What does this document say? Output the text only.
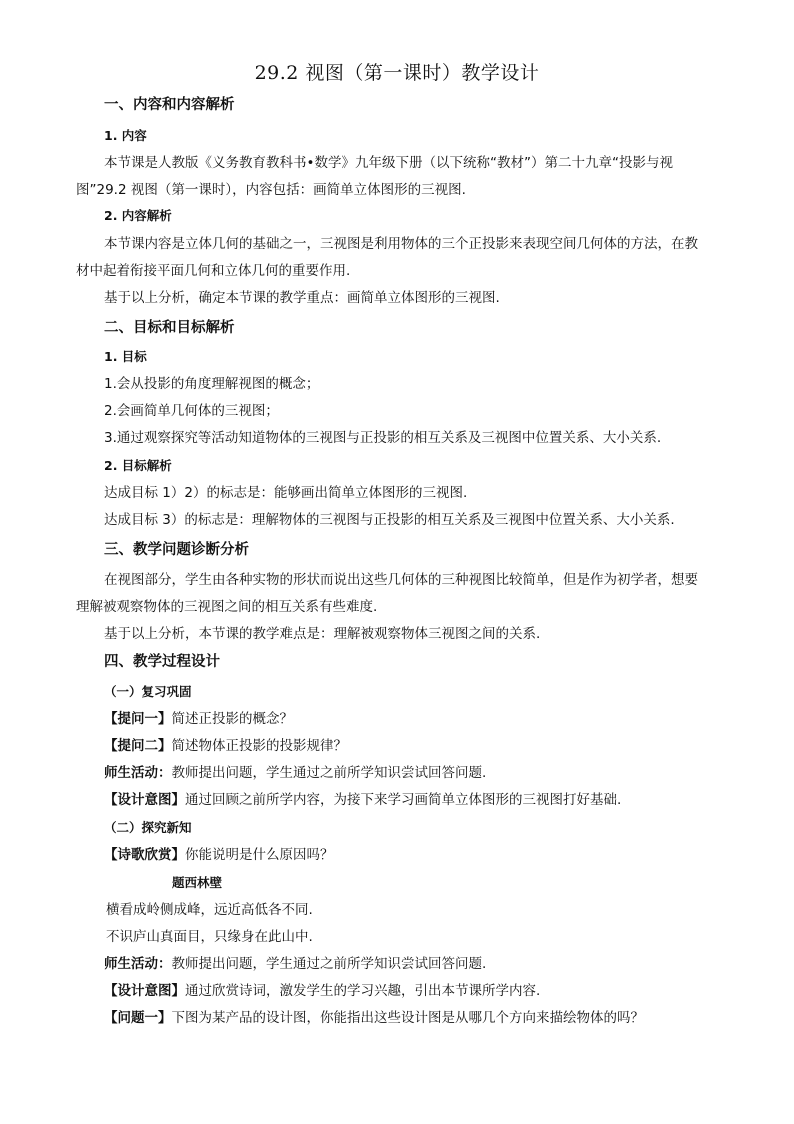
29.2 视图（第一课时）教学设计
一、内容和内容解析
1. 内容
本节课是人教版《义务教育教科书•数学》九年级下册（以下统称“教材”）第二十九章“投影与视
图”29.2 视图（第一课时），内容包括：画简单立体图形的三视图.
2. 内容解析
本节课内容是立体几何的基础之一，三视图是利用物体的三个正投影来表现空间几何体的方法，在教
材中起着衔接平面几何和立体几何的重要作用.
基于以上分析，确定本节课的教学重点：画简单立体图形的三视图.
二、目标和目标解析
1. 目标
1.会从投影的角度理解视图的概念；
2.会画简单几何体的三视图；
3.通过观察探究等活动知道物体的三视图与正投影的相互关系及三视图中位置关系、大小关系.
2. 目标解析
达成目标 1）2）的标志是：能够画出简单立体图形的三视图.
达成目标 3）的标志是：理解物体的三视图与正投影的相互关系及三视图中位置关系、大小关系.
三、教学问题诊断分析
在视图部分，学生由各种实物的形状而说出这些几何体的三种视图比较简单，但是作为初学者，想要
理解被观察物体的三视图之间的相互关系有些难度.
基于以上分析，本节课的教学难点是：理解被观察物体三视图之间的关系.
四、教学过程设计
（一）复习巩固
【提问一】简述正投影的概念？
【提问二】简述物体正投影的投影规律？
师生活动：教师提出问题，学生通过之前所学知识尝试回答问题.
【设计意图】通过回顾之前所学内容，为接下来学习画简单立体图形的三视图打好基础.
（二）探究新知
【诗歌欣赏】你能说明是什么原因吗？
题西林壁
横看成岭侧成峰，远近高低各不同.
不识庐山真面目，只缘身在此山中.
师生活动：教师提出问题，学生通过之前所学知识尝试回答问题.
【设计意图】通过欣赏诗词，激发学生的学习兴趣，引出本节课所学内容.
【问题一】下图为某产品的设计图，你能指出这些设计图是从哪几个方向来描绘物体的吗？
